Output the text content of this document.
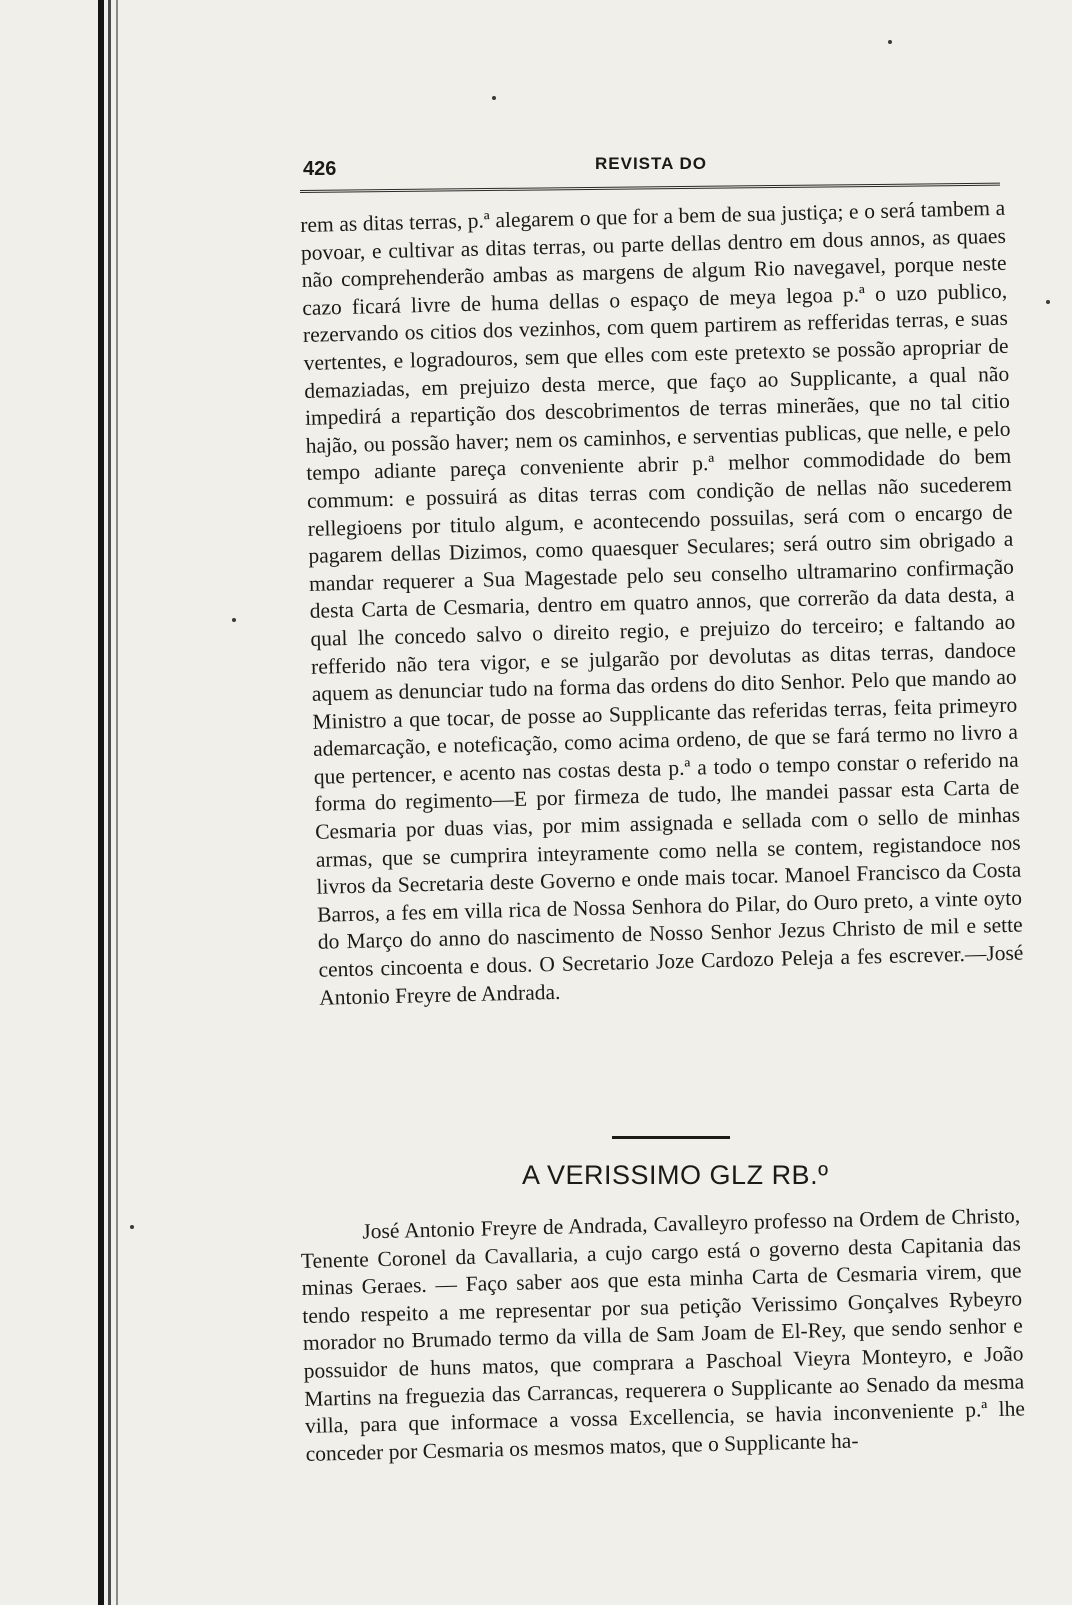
426	REVISTA DO

rem as ditas terras, p.ª alegarem o que for a bem de sua justiça; e o será tambem a povoar, e cultivar as ditas terras, ou parte dellas dentro em dous annos, as quaes não comprehenderão ambas as margens de algum Rio navegavel, porque neste cazo ficará livre de huma dellas o espaço de meya legoa p.ª o uzo publico, rezervando os citios dos vezinhos, com quem partirem as refferidas terras, e suas vertentes, e logradouros, sem que elles com este pretexto se possão apropriar de demaziadas, em prejuizo desta merce, que faço ao Supplicante, a qual não impedirá a repartição dos descobrimentos de terras minerães, que no tal citio hajão, ou possão haver; nem os caminhos, e serventias publicas, que nelle, e pelo tempo adiante pareça conveniente abrir p.ª melhor commodidade do bem commum: e possuirá as ditas terras com condição de nellas não sucederem rellegioens por titulo algum, e acontecendo possuilas, será com o encargo de pagarem dellas Dizimos, como quaesquer Seculares; será outro sim obrigado a mandar requerer a Sua Magestade pelo seu conselho ultramarino confirmação desta Carta de Cesmaria, dentro em quatro annos, que correrão da data desta, a qual lhe concedo salvo o direito regio, e prejuizo do terceiro; e faltando ao refferido não tera vigor, e se julgarão por devolutas as ditas terras, dandoce aquem as denunciar tudo na forma das ordens do dito Senhor. Pelo que mando ao Ministro a que tocar, de posse ao Supplicante das referidas terras, feita primeyro ademarcação, e noteficação, como acima ordeno, de que se fará termo no livro a que pertencer, e acento nas costas desta p.ª a todo o tempo constar o referido na forma do regimento—E por firmeza de tudo, lhe mandei passar esta Carta de Cesmaria por duas vias, por mim assignada e sellada com o sello de minhas armas, que se cumprira inteyramente como nella se contem, registandoce nos livros da Secretaria deste Governo e onde mais tocar. Manoel Francisco da Costa Barros, a fes em villa rica de Nossa Senhora do Pilar, do Ouro preto, a vinte oyto do Março do anno do nascimento de Nosso Senhor Jezus Christo de mil e sette centos cincoenta e dous. O Secretario Joze Cardozo Peleja a fes escrever.—José Antonio Freyre de Andrada.

A VERISSIMO GLZ RB.º

José Antonio Freyre de Andrada, Cavalleyro professo na Ordem de Christo, Tenente Coronel da Cavallaria, a cujo cargo está o governo desta Capitania das minas Geraes. — Faço saber aos que esta minha Carta de Cesmaria virem, que tendo respeito a me representar por sua petição Verissimo Gonçalves Rybeyro morador no Brumado termo da villa de Sam Joam de El-Rey, que sendo senhor e possuidor de huns matos, que comprara a Paschoal Vieyra Monteyro, e João Martins na freguezia das Carrancas, requerera o Supplicante ao Senado da mesma villa, para que informace a vossa Excellencia, se havia inconveniente p.ª lhe conceder por Cesmaria os mesmos matos, que o Supplicante ha-
